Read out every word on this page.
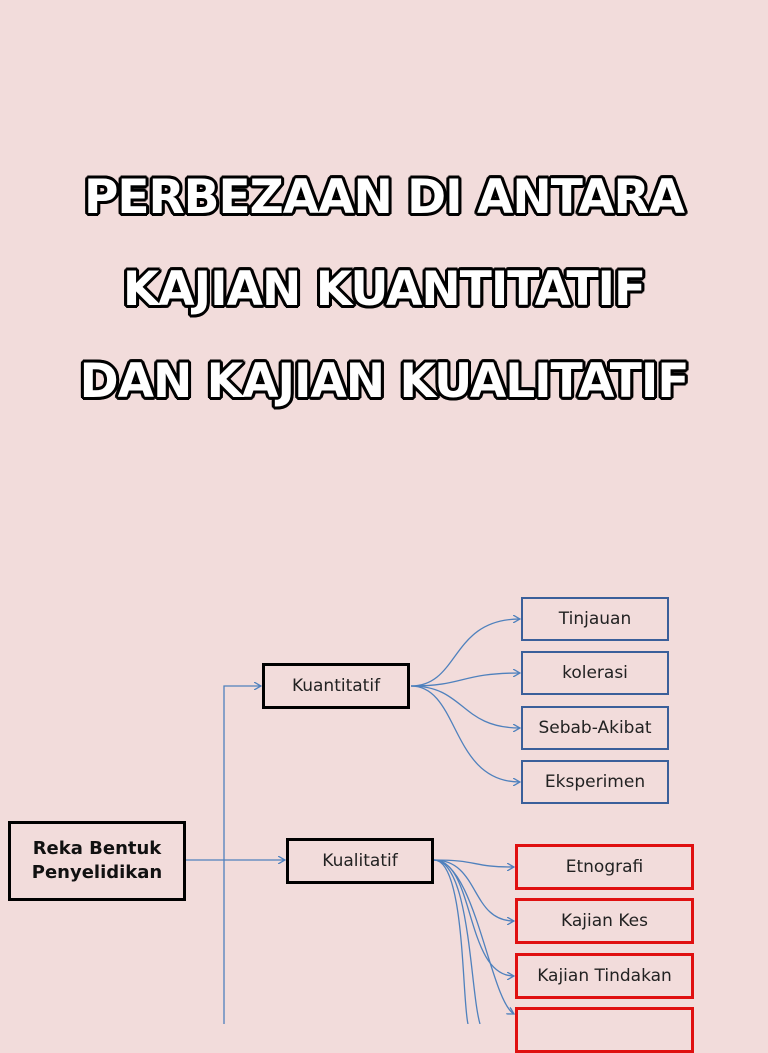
PERBEZAAN DI ANTARA
KAJIAN KUANTITATIF
DAN KAJIAN KUALITATIF
Reka Bentuk
Penyelidikan
Kuantitatif
Kualitatif
Tinjauan
kolerasi
Sebab-Akibat
Eksperimen
Etnografi
Kajian Kes
Kajian Tindakan
